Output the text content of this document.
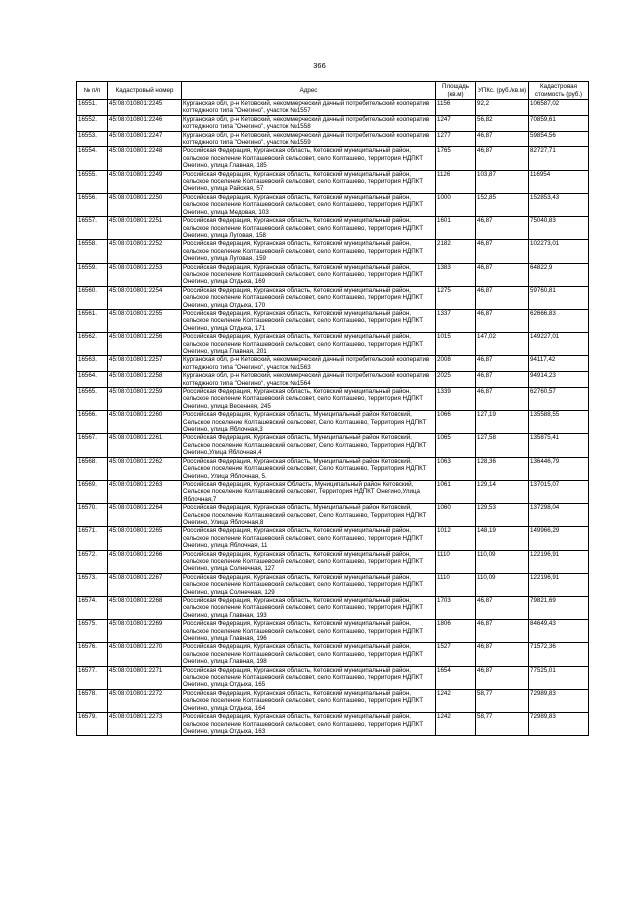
366
№ п/п	Кадастровый номер	Адрес	Площадь (кв.м)	УПКс. (руб./кв.м)	Кадастровая стоимость (руб.)
16551.	45:08:010801:2245	Курганская обл, р-н Кетовский, некоммерческий дачный потребительский кооператив коттеджного типа "Онегино", участок №1557	1156	92,2	106587,02
16552.	45:08:010801:2246	Курганская обл, р-н Кетовский, некоммерческий дачный потребительский кооператив коттеджного типа "Онегино", участок №1558	1247	56,82	70859,61
16553.	45:08:010801:2247	Курганская обл, р-н Кетовский, некоммерческий дачный потребительский кооператив коттеджного типа "Онегино", участок №1559	1277	46,87	59854,56
16554.	45:08:010801:2248	Российская Федерация, Курганская область, Кетовский муниципальный район, сельское поселение Колташевский сельсовет, село Колташево, территория НДПКТ Онегино, улица Главная, 185	1765	46,87	82727,71
16555.	45:08:010801:2249	Российская Федерация, Курганская область, Кетовский муниципальный район, сельское поселение Колташевский сельсовет, село Колташево, территория НДПКТ Онегино, улица Райская, 57	1126	103,87	116954
16556.	45:08:010801:2250	Российская Федерация, Курганская область, Кетовский муниципальный район, сельское поселение Колташевский сельсовет, село Колташево, территория НДПКТ Онегино, улица Медовая, 103	1000	152,85	152853,43
16557.	45:08:010801:2251	Российская Федерация, Курганская область, Кетовский муниципальный район, сельское поселение Колташевский сельсовет, село Колташево, территория НДПКТ Онегино, улица Луговая, 158	1601	46,87	75040,83
16558.	45:08:010801:2252	Российская Федерация, Курганская область, Кетовский муниципальный район, сельское поселение Колташевский сельсовет, село Колташево, территория НДПКТ Онегино, улица Луговая, 159	2182	46,87	102273,01
16559.	45:08:010801:2253	Российская Федерация, Курганская область, Кетовский муниципальный район, сельское поселение Колташевский сельсовет, село Колташево, территория НДПКТ Онегино, улица Отдыха, 169	1383	46,87	64822,9
16560.	45:08:010801:2254	Российская Федерация, Курганская область, Кетовский муниципальный район, сельское поселение Колташевский сельсовет, село Колташево, территория НДПКТ Онегино, улица Отдыха, 170	1275	46,87	59760,81
16561.	45:08:010801:2255	Российская Федерация, Курганская область, Кетовский муниципальный район, сельское поселение Колташевский сельсовет, село Колташево, территория НДПКТ Онегино, улица Отдыха, 171	1337	46,87	62666,83
16562.	45:08:010801:2256	Российская Федерация, Курганская область, Кетовский муниципальный район, сельское поселение Колташевский сельсовет, село Колташево, территория НДПКТ Онегино, улица Главная, 201	1015	147,02	149227,01
16563.	45:08:010801:2257	Курганская обл, р-н Кетовский, некоммерческий дачный потребительский кооператив коттеджного типа "Онегино", участок №1563	2008	46,87	94117,42
16564.	45:08:010801:2258	Курганская обл, р-н Кетовский, некоммерческий дачный потребительский кооператив коттеджного типа "Онегино", участок №1564	2025	46,87	94914,23
16565.	45:08:010801:2259	Российская Федерация, Курганская область, Кетовский муниципальный район, сельское поселение Колташевский сельсовет, село Колташево, территория НДПКТ Онегино, улица Весенняя, 245	1339	46,87	62760,57
16566.	45:08:010801:2260	Российская Федерация, Курганская область, Муниципальный район Кетовский, Сельское поселение Колташевский сельсовет, Село Колташево, Территория НДПКТ Онегино, улица Яблочная,3	1066	127,19	135588,55
16567.	45:08:010801:2261	Российская Федерация, Курганская область, Муниципальный район Кетовский, Сельское поселение Колташевский сельсовет, Село Колташево, Территория НДПКТ Онегино,Улица Яблочная,4	1065	127,58	135875,41
16568.	45:08:010801:2262	Российская Федерация, Курганская область, Муниципальный район Кетовский, Сельское поселение Колташевский сельсовет, Село Колташево, Территория НДПКТ Онегино, Улица Яблочная, 5.	1063	128,36	136446,79
16569.	45:08:010801:2263	Российская Федерация, Курганская Область, Муниципальный район Кетовский, Сельское поселение Колташевский сельсовет, Территория НДПКТ Онегино,Улица Яблочная,7	1061	129,14	137015,07
16570.	45:08:010801:2264	Российская Федерация, Курганская область, Муниципальный район Кетовский, Сельское поселение Колташевский сельсовет, Село Колташево, Территория НДПКТ Онегино, Улица Яблочная,8	1060	129,53	137298,04
16571.	45:08:010801:2265	Российская Федерация, Курганская область, Кетовский муниципальный район, сельское поселение Колташевский сельсовет, село Колташево, территория НДПКТ Онегино, улица Яблочная, 11	1012	148,19	149966,29
16572.	45:08:010801:2266	Российская Федерация, Курганская область, Кетовский муниципальный район, сельское поселение Колташевский сельсовет, село Колташево, территория НДПКТ Онегино, улица Солнечная, 127	1110	110,09	122196,91
16573.	45:08:010801:2267	Российская Федерация, Курганская область, Кетовский муниципальный район, сельское поселение Колташевский сельсовет, село Колташево, территория НДПКТ Онегино, улица Солнечная, 129	1110	110,09	122196,91
16574.	45:08:010801:2268	Российская Федерация, Курганская область, Кетовский муниципальный район, сельское поселение Колташевский сельсовет, село Колташево, территория НДПКТ Онегино, улица Главная, 193	1703	46,87	79821,69
16575.	45:08:010801:2269	Российская Федерация, Курганская область, Кетовский муниципальный район, сельское поселение Колташевский сельсовет, село Колташево, территория НДПКТ Онегино, улица Главная, 196	1806	46,87	84649,43
16576.	45:08:010801:2270	Российская Федерация, Курганская область, Кетовский муниципальный район, сельское поселение Колташевский сельсовет, село Колташево, территория НДПКТ Онегино, улица Главная, 198	1527	46,87	71572,36
16577.	45:08:010801:2271	Российская Федерация, Курганская область, Кетовский муниципальный район, сельское поселение Колташевский сельсовет, село Колташево, территория НДПКТ Онегино, улица Отдыха, 165	1654	46,87	77525,01
16578.	45:08:010801:2272	Российская Федерация, Курганская область, Кетовский муниципальный район, сельское поселение Колташевский сельсовет, село Колташево, территория НДПКТ Онегино, улица Отдыха, 164	1242	58,77	72989,83
16579.	45:08:010801:2273	Российская Федерация, Курганская область, Кетовский муниципальный район, сельское поселение Колташевский сельсовет, село Колташево, территория НДПКТ Онегино, улица Отдыха, 163	1242	58,77	72989,83
